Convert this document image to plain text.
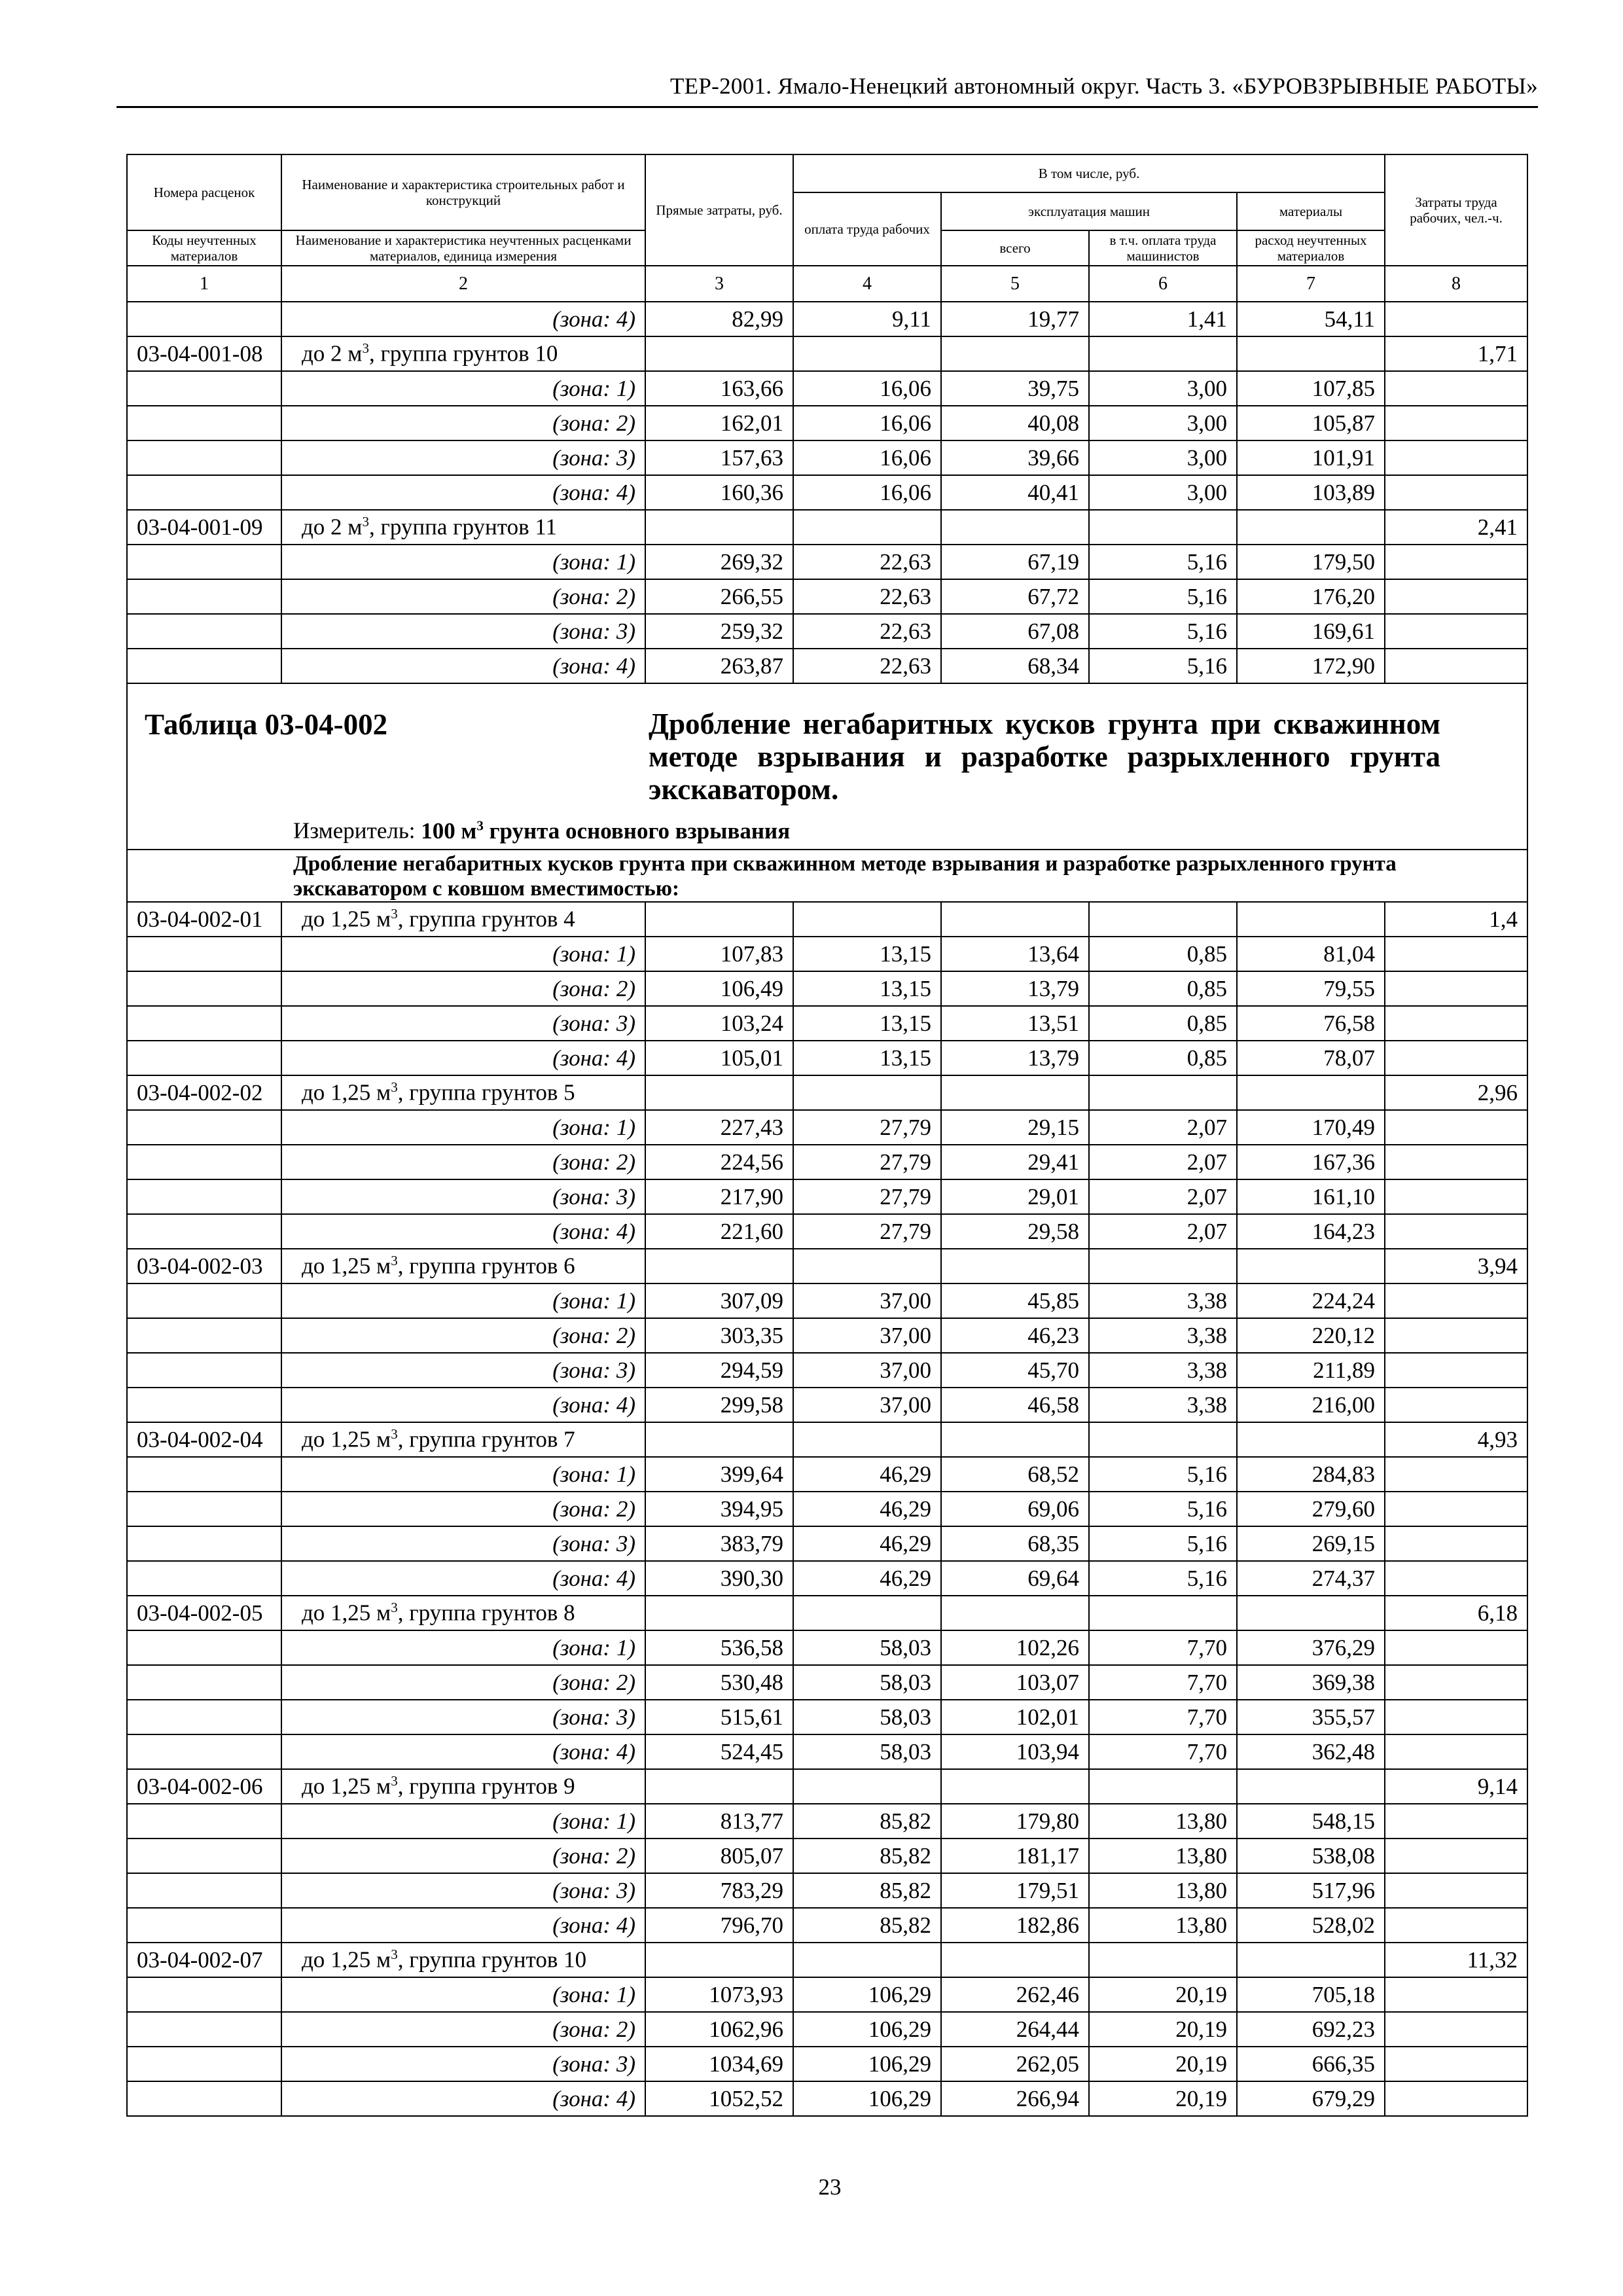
ТЕР-2001. Ямало-Ненецкий автономный округ. Часть 3. «БУРОВЗРЫВНЫЕ РАБОТЫ»
Номера расценок	Наименование и характеристика строительных работ и конструкций	Прямые затраты, руб.	В том числе, руб.				Затраты труда рабочих, чел.-ч.
			оплата труда рабочих	эксплуатация машин		материалы	
Коды неучтенных материалов	Наименование и характеристика неучтенных расценками материалов, единица измерения			всего	в т.ч. оплата труда машинистов	расход неучтенных материалов	

1	2	3	4	5	6	7	8
	(зона: 4)	82,99	9,11	19,77	1,41	54,11	
03-04-001-08	до 2 $м^3$, группа грунтов 10						1,71
	(зона: 1)	163,66	16,06	39,75	3,00	107,85	
	(зона: 2)	162,01	16,06	40,08	3,00	105,87	
	(зона: 3)	157,63	16,06	39,66	3,00	101,91	
	(зона: 4)	160,36	16,06	40,41	3,00	103,89	
03-04-001-09	до 2 $м^3$, группа грунтов 11						2,41
	(зона: 1)	269,32	22,63	67,19	5,16	179,50	
	(зона: 2)	266,55	22,63	67,72	5,16	176,20	
	(зона: 3)	259,32	22,63	67,08	5,16	169,61	
	(зона: 4)	263,87	22,63	68,34	5,16	172,90	

Таблица 03-04-002 Дробление негабаритных кусков грунта при скважинном методе взрывания и разработке разрыхленного грунта экскаватором.
Измеритель: 100 $м^3$ грунта основного взрывания							

Дробление негабаритных кусков грунта при скважинном методе взрывания и разработке разрыхленного грунта экскаватором с ковшом вместимостью:							

03-04-002-01	до 1,25 $м^3$, группа грунтов 4						1,4
	(зона: 1)	107,83	13,15	13,64	0,85	81,04	
	(зона: 2)	106,49	13,15	13,79	0,85	79,55	
	(зона: 3)	103,24	13,15	13,51	0,85	76,58	
	(зона: 4)	105,01	13,15	13,79	0,85	78,07	
03-04-002-02	до 1,25 $м^3$, группа грунтов 5						2,96
	(зона: 1)	227,43	27,79	29,15	2,07	170,49	
	(зона: 2)	224,56	27,79	29,41	2,07	167,36	
	(зона: 3)	217,90	27,79	29,01	2,07	161,10	
	(зона: 4)	221,60	27,79	29,58	2,07	164,23	
03-04-002-03	до 1,25 $м^3$, группа грунтов 6						3,94
	(зона: 1)	307,09	37,00	45,85	3,38	224,24	
	(зона: 2)	303,35	37,00	46,23	3,38	220,12	
	(зона: 3)	294,59	37,00	45,70	3,38	211,89	
	(зона: 4)	299,58	37,00	46,58	3,38	216,00	
03-04-002-04	до 1,25 $м^3$, группа грунтов 7						4,93
	(зона: 1)	399,64	46,29	68,52	5,16	284,83	
	(зона: 2)	394,95	46,29	69,06	5,16	279,60	
	(зона: 3)	383,79	46,29	68,35	5,16	269,15	
	(зона: 4)	390,30	46,29	69,64	5,16	274,37	
03-04-002-05	до 1,25 $м^3$, группа грунтов 8						6,18
	(зона: 1)	536,58	58,03	102,26	7,70	376,29	
	(зона: 2)	530,48	58,03	103,07	7,70	369,38	
	(зона: 3)	515,61	58,03	102,01	7,70	355,57	
	(зона: 4)	524,45	58,03	103,94	7,70	362,48	
03-04-002-06	до 1,25 $м^3$, группа грунтов 9						9,14
	(зона: 1)	813,77	85,82	179,80	13,80	548,15	
	(зона: 2)	805,07	85,82	181,17	13,80	538,08	
	(зона: 3)	783,29	85,82	179,51	13,80	517,96	
	(зона: 4)	796,70	85,82	182,86	13,80	528,02	
03-04-002-07	до 1,25 $м^3$, группа грунтов 10						11,32
	(зона: 1)	1073,93	106,29	262,46	20,19	705,18	
	(зона: 2)	1062,96	106,29	264,44	20,19	692,23	
	(зона: 3)	1034,69	106,29	262,05	20,19	666,35	
	(зона: 4)	1052,52	106,29	266,94	20,19	679,29	
23
